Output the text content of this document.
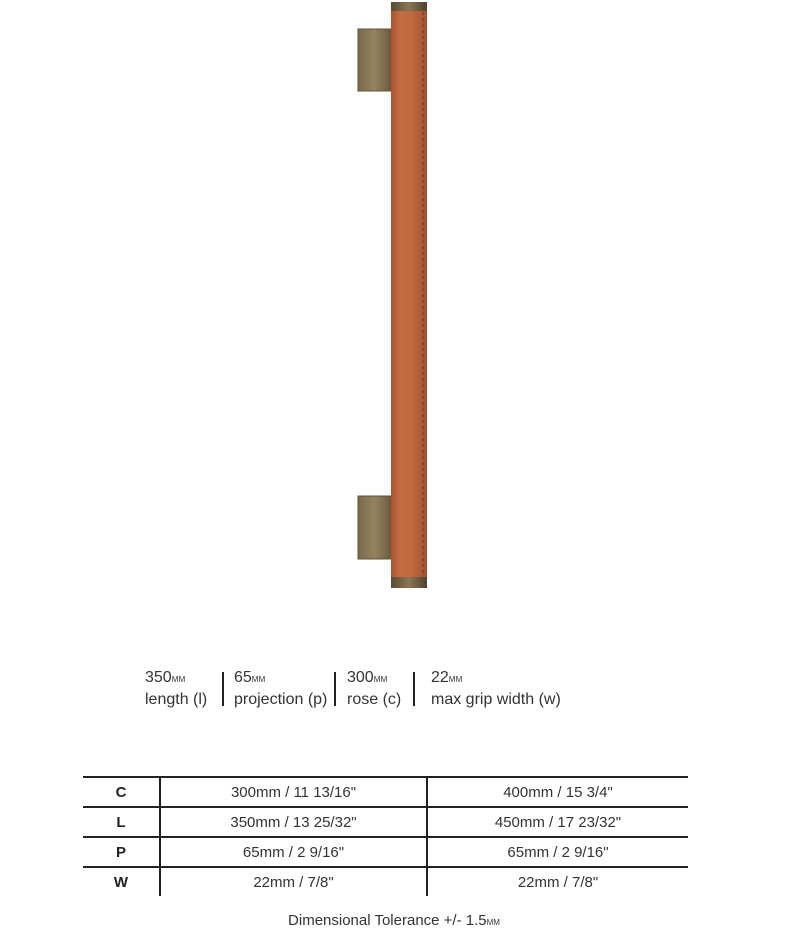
350MM
length (l)
65MM
projection (p)
300MM
rose (c)
22MM
max grip width (w)
C	300mm / 11 13/16"	400mm / 15 3/4"
L	350mm / 13 25/32"	450mm / 17 23/32"
P	65mm / 2 9/16"	65mm / 2 9/16"
W	22mm / 7/8"	22mm / 7/8"
Dimensional Tolerance +/- 1.5MM
